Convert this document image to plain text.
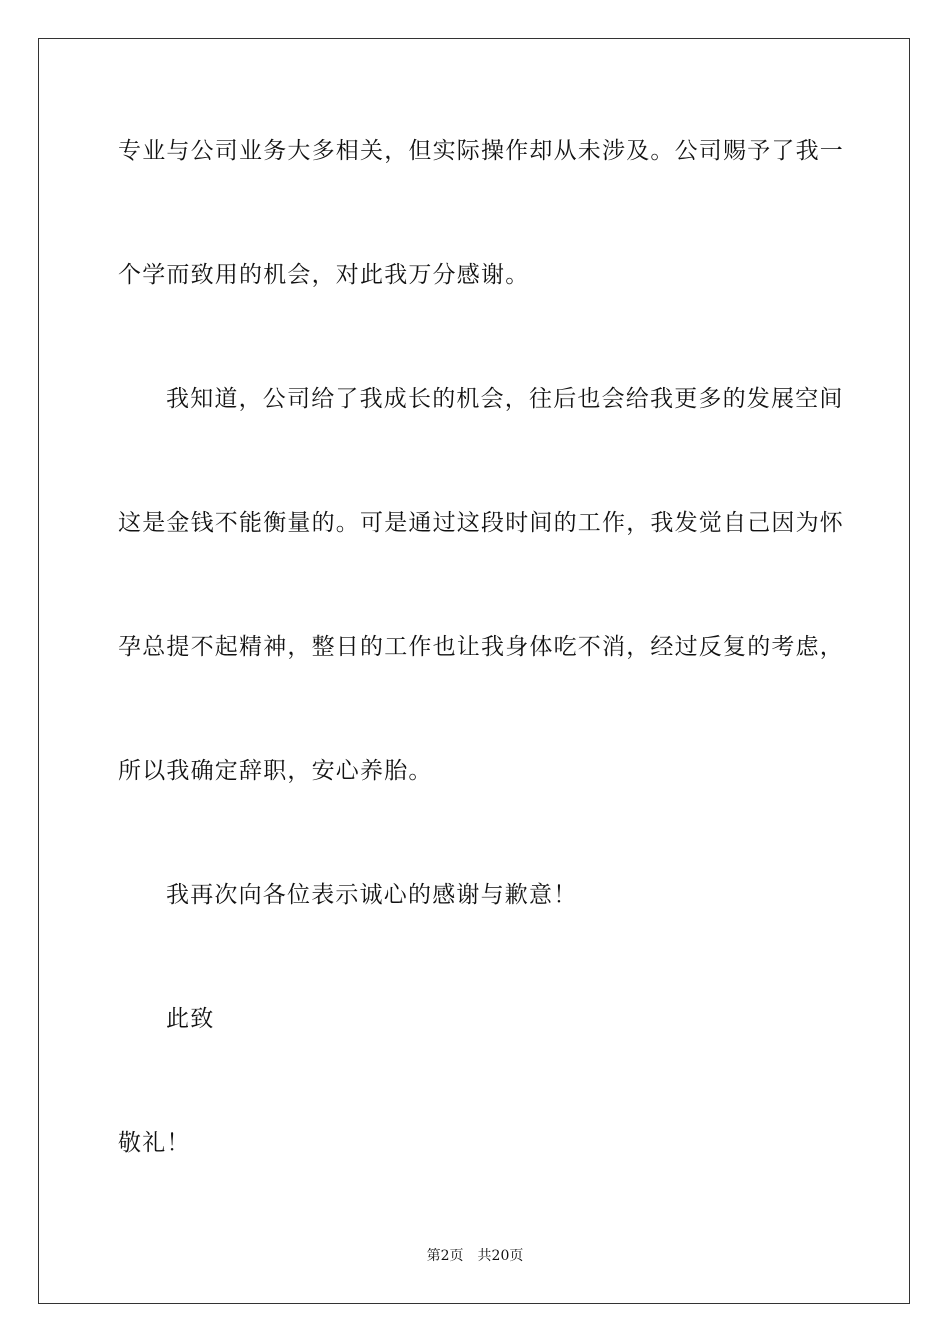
专业与公司业务大多相关，但实际操作却从未涉及。公司赐予了我一
个学而致用的机会，对此我万分感谢。
我知道，公司给了我成长的机会，往后也会给我更多的发展空间
这是金钱不能衡量的。可是通过这段时间的工作，我发觉自己因为怀
孕总提不起精神，整日的工作也让我身体吃不消，经过反复的考虑，
所以我确定辞职，安心养胎。
我再次向各位表示诚心的感谢与歉意！
此致
敬礼！
第2页 共20页
